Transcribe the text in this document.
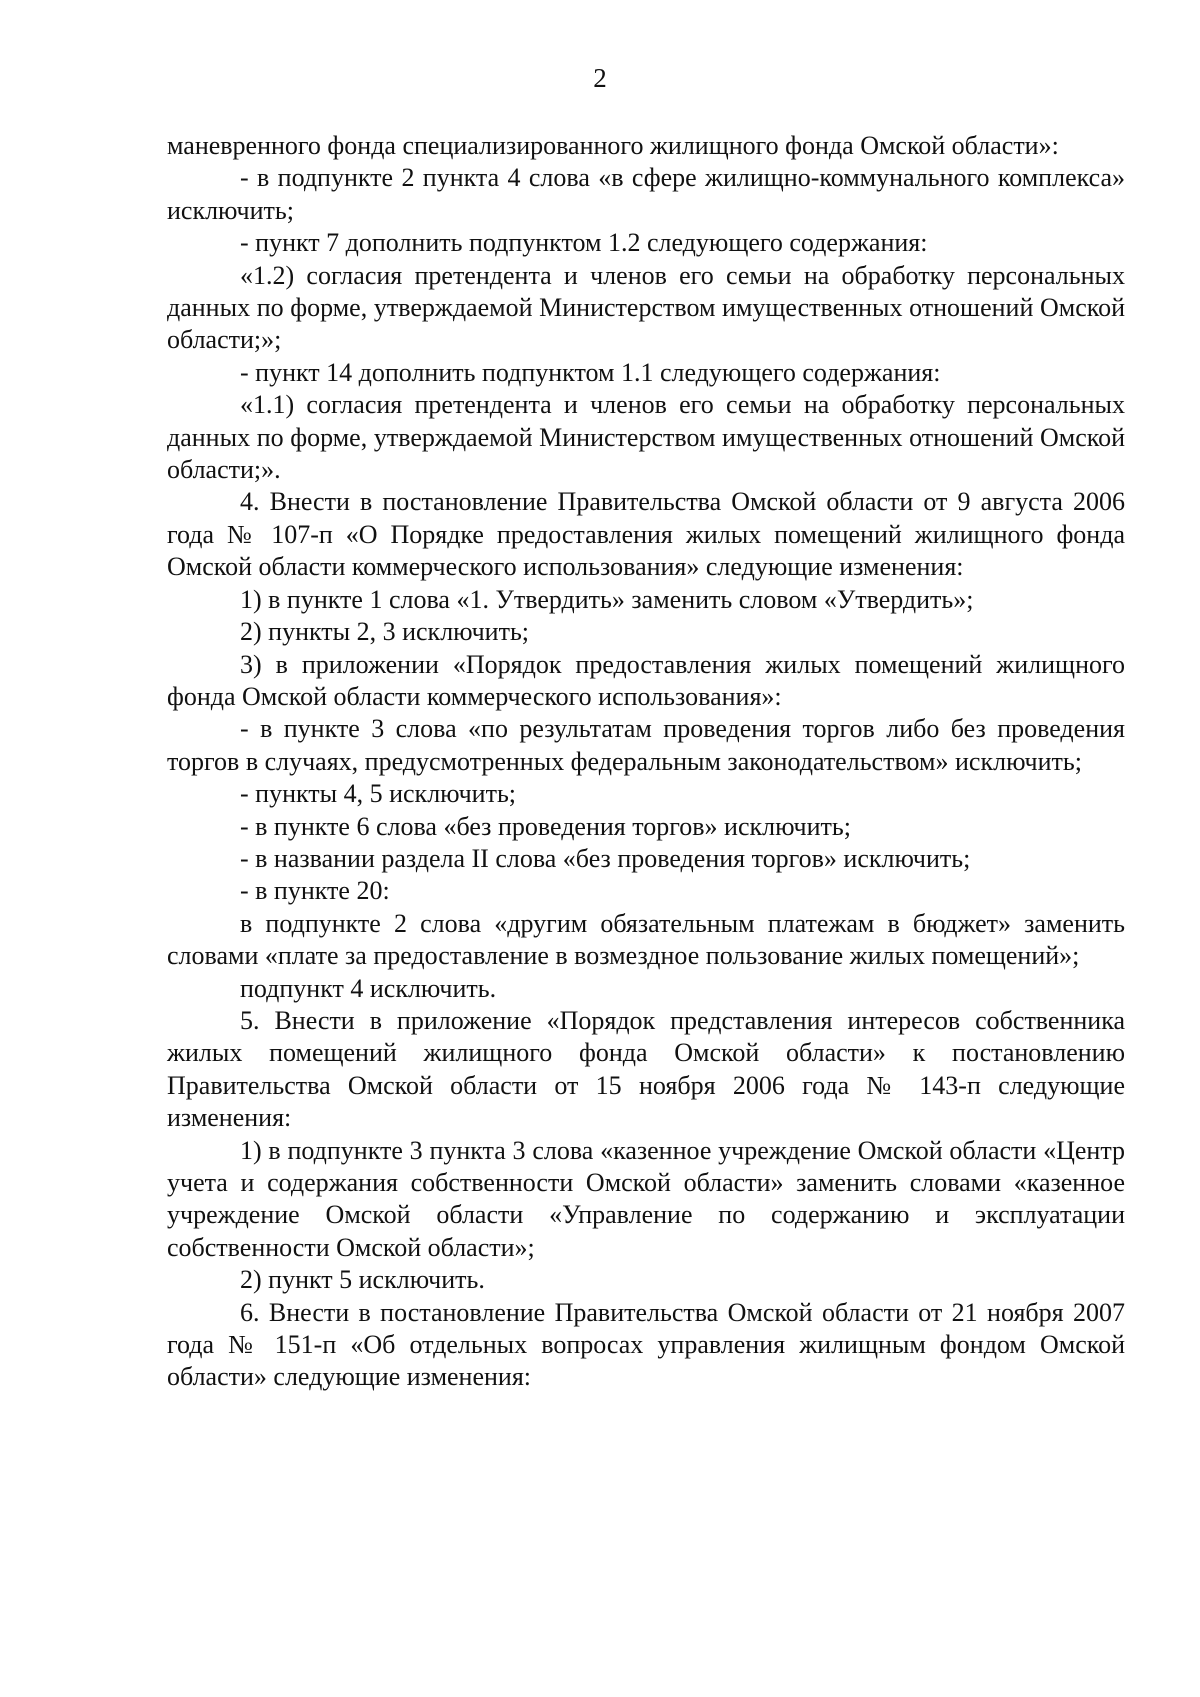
2

маневренного фонда специализированного жилищного фонда Омской области»:

- в подпункте 2 пункта 4 слова «в сфере жилищно-коммунального комплекса» исключить;

- пункт 7 дополнить подпунктом 1.2 следующего содержания:

«1.2) согласия претендента и членов его семьи на обработку персональных данных по форме, утверждаемой Министерством имущественных отношений Омской области;»;

- пункт 14 дополнить подпунктом 1.1 следующего содержания:

«1.1) согласия претендента и членов его семьи на обработку персональных данных по форме, утверждаемой Министерством имущественных отношений Омской области;».

4. Внести в постановление Правительства Омской области от 9 августа 2006 года № 107-п «О Порядке предоставления жилых помещений жилищного фонда Омской области коммерческого использования» следующие изменения:

1) в пункте 1 слова «1. Утвердить» заменить словом «Утвердить»;

2) пункты 2, 3 исключить;

3) в приложении «Порядок предоставления жилых помещений жилищного фонда Омской области коммерческого использования»:

- в пункте 3 слова «по результатам проведения торгов либо без проведения торгов в случаях, предусмотренных федеральным законодательством» исключить;

- пункты 4, 5 исключить;

- в пункте 6 слова «без проведения торгов» исключить;

- в названии раздела II слова «без проведения торгов» исключить;

- в пункте 20:

в подпункте 2 слова «другим обязательным платежам в бюджет» заменить словами «плате за предоставление в возмездное пользование жилых помещений»;

подпункт 4 исключить.

5. Внести в приложение «Порядок представления интересов собственника жилых помещений жилищного фонда Омской области» к постановлению Правительства Омской области от 15 ноября 2006 года № 143-п следующие изменения:

1) в подпункте 3 пункта 3 слова «казенное учреждение Омской области «Центр учета и содержания собственности Омской области» заменить словами «казенное учреждение Омской области «Управление по содержанию и эксплуатации собственности Омской области»;

2) пункт 5 исключить.

6. Внести в постановление Правительства Омской области от 21 ноября 2007 года № 151-п «Об отдельных вопросах управления жилищным фондом Омской области» следующие изменения:
